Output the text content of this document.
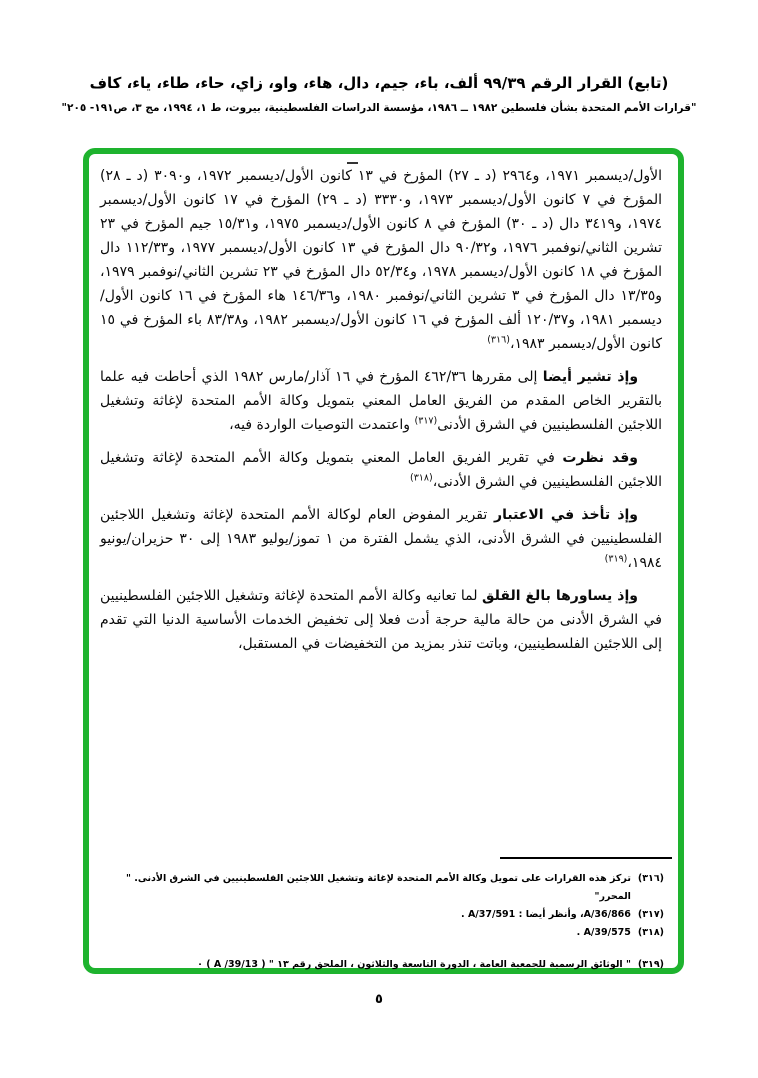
(تابع) القرار الرقم ٩٩/٣٩ ألف، باء، جيم، دال، هاء، واو، زاي، حاء، طاء، ياء، كاف
"قرارات الأمم المتحدة بشأن فلسطين ١٩٨٢ ــ ١٩٨٦، مؤسسة الدراسات الفلسطينية، بيروت، ط ١، ١٩٩٤، مج ٣، ص١٩١- ٢٠٥"

الأول/ديسمبر ١٩٧١، و٢٩٦٤ (د ـ ٢٧) المؤرخ في ١٣ كانون الأول/ديسمبر ١٩٧٢، و٣٠٩٠ (د ـ ٢٨) المؤرخ في ٧ كانون الأول/ديسمبر ١٩٧٣، و٣٣٣٠ (د ـ ٢٩) المؤرخ في ١٧ كانون الأول/ديسمبر ١٩٧٤، و٣٤١٩ دال (د ـ ٣٠) المؤرخ في ٨ كانون الأول/ديسمبر ١٩٧٥، و١٥/٣١ جيم المؤرخ في ٢٣ تشرين الثاني/نوفمبر ١٩٧٦، و٩٠/٣٢ دال المؤرخ في ١٣ كانون الأول/ديسمبر ١٩٧٧، و١١٢/٣٣ دال المؤرخ في ١٨ كانون الأول/ديسمبر ١٩٧٨، و٥٢/٣٤ دال المؤرخ في ٢٣ تشرين الثاني/نوفمبر ١٩٧٩، و١٣/٣٥ دال المؤرخ في ٣ تشرين الثاني/نوفمبر ١٩٨٠، و١٤٦/٣٦ هاء المؤرخ في ١٦ كانون الأول/ديسمبر ١٩٨١، و١٢٠/٣٧ ألف المؤرخ في ١٦ كانون الأول/ديسمبر ١٩٨٢، و٨٣/٣٨ باء المؤرخ في ١٥ كانون الأول/ديسمبر ١٩٨٣،$^{(٣١٦)}$

وإذ تشير أيضا إلى مقررها ٤٦٢/٣٦ المؤرخ في ١٦ آذار/مارس ١٩٨٢ الذي أحاطت فيه علما بالتقرير الخاص المقدم من الفريق العامل المعني بتمويل وكالة الأمم المتحدة لإغاثة وتشغيل اللاجئين الفلسطينيين في الشرق الأدنى$^{(٣١٧)}$ واعتمدت التوصيات الواردة فيه،

وقد نظرت في تقرير الفريق العامل المعني بتمويل وكالة الأمم المتحدة لإغاثة وتشغيل اللاجئين الفلسطينيين في الشرق الأدنى،$^{(٣١٨)}$

وإذ تأخذ في الاعتبار تقرير المفوض العام لوكالة الأمم المتحدة لإغاثة وتشغيل اللاجئين الفلسطينيين في الشرق الأدنى، الذي يشمل الفترة من ١ تموز/يوليو ١٩٨٣ إلى ٣٠ حزيران/يونيو ١٩٨٤،$^{(٣١٩)}$

وإذ يساورها بالغ القلق لما تعانيه وكالة الأمم المتحدة لإغاثة وتشغيل اللاجئين الفلسطينيين في الشرق الأدنى من حالة مالية حرجة أدت فعلا إلى تخفيض الخدمات الأساسية الدنيا التي تقدم إلى اللاجئين الفلسطينيين، وباتت تنذر بمزيد من التخفيضات في المستقبل،

(٣١٦)
تركز هذه القرارات على تمويل وكالة الأمم المتحدة لإغاثة وتشغيل اللاجئين الفلسطينيين في الشرق الأدنى. " المحرر"
(٣١٧)
A/36/866، وأنظر أيضا : A/37/591 .
(٣١٨)
A/39/575 .
(٣١٩)
" الوثائق الرسمية للجمعية العامة ، الدورة التاسعة والثلاثون ، الملحق رقم ١٣ " ( A /39/13 ) ٠
٥
